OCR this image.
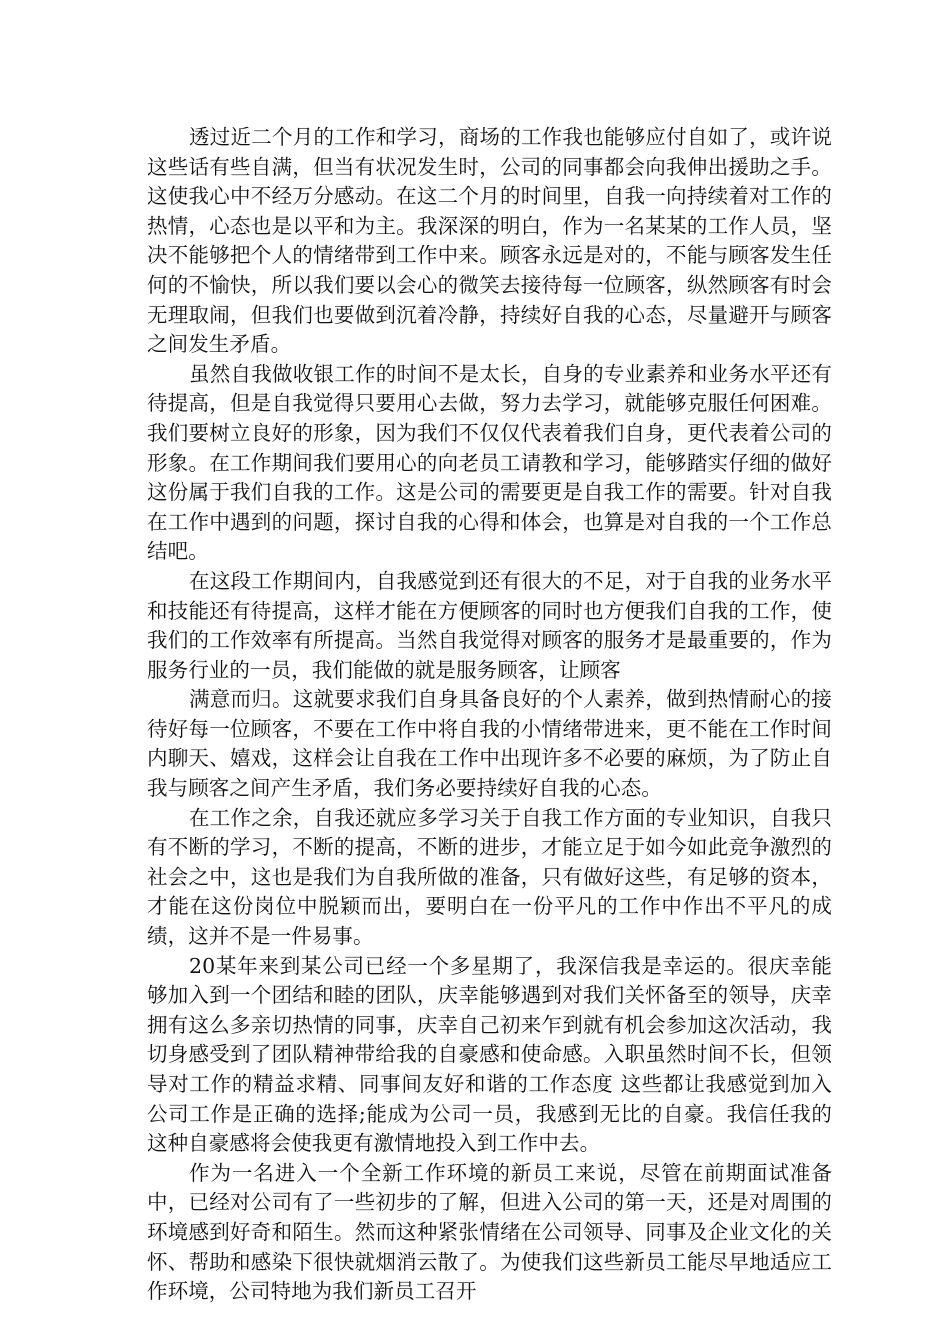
透过近二个月的工作和学习，商场的工作我也能够应付自如了，或许说这些话有些自满，但当有状况发生时，公司的同事都会向我伸出援助之手。这使我心中不经万分感动。在这二个月的时间里，自我一向持续着对工作的热情，心态也是以平和为主。我深深的明白，作为一名某某的工作人员，坚决不能够把个人的情绪带到工作中来。顾客永远是对的，不能与顾客发生任何的不愉快，所以我们要以会心的微笑去接待每一位顾客，纵然顾客有时会无理取闹，但我们也要做到沉着冷静，持续好自我的心态，尽量避开与顾客之间发生矛盾。

虽然自我做收银工作的时间不是太长，自身的专业素养和业务水平还有待提高，但是自我觉得只要用心去做，努力去学习，就能够克服任何困难。我们要树立良好的形象，因为我们不仅仅代表着我们自身，更代表着公司的形象。在工作期间我们要用心的向老员工请教和学习，能够踏实仔细的做好这份属于我们自我的工作。这是公司的需要更是自我工作的需要。针对自我在工作中遇到的问题，探讨自我的心得和体会，也算是对自我的一个工作总结吧。

在这段工作期间内，自我感觉到还有很大的不足，对于自我的业务水平和技能还有待提高，这样才能在方便顾客的同时也方便我们自我的工作，使我们的工作效率有所提高。当然自我觉得对顾客的服务才是最重要的，作为服务行业的一员，我们能做的就是服务顾客，让顾客

满意而归。这就要求我们自身具备良好的个人素养，做到热情耐心的接待好每一位顾客，不要在工作中将自我的小情绪带进来，更不能在工作时间内聊天、嬉戏，这样会让自我在工作中出现许多不必要的麻烦，为了防止自我与顾客之间产生矛盾，我们务必要持续好自我的心态。

在工作之余，自我还就应多学习关于自我工作方面的专业知识，自我只有不断的学习，不断的提高，不断的进步，才能立足于如今如此竞争激烈的社会之中，这也是我们为自我所做的准备，只有做好这些，有足够的资本，才能在这份岗位中脱颖而出，要明白在一份平凡的工作中作出不平凡的成绩，这并不是一件易事。

20某年来到某公司已经一个多星期了，我深信我是幸运的。很庆幸能够加入到一个团结和睦的团队，庆幸能够遇到对我们关怀备至的领导，庆幸拥有这么多亲切热情的同事，庆幸自己初来乍到就有机会参加这次活动，我切身感受到了团队精神带给我的自豪感和使命感。入职虽然时间不长，但领导对工作的精益求精、同事间友好和谐的工作态度 这些都让我感觉到加入公司工作是正确的选择;能成为公司一员，我感到无比的自豪。我信任我的这种自豪感将会使我更有激情地投入到工作中去。

作为一名进入一个全新工作环境的新员工来说，尽管在前期面试准备中，已经对公司有了一些初步的了解，但进入公司的第一天，还是对周围的环境感到好奇和陌生。然而这种紧张情绪在公司领导、同事及企业文化的关怀、帮助和感染下很快就烟消云散了。为使我们这些新员工能尽早地适应工作环境，公司特地为我们新员工召开
